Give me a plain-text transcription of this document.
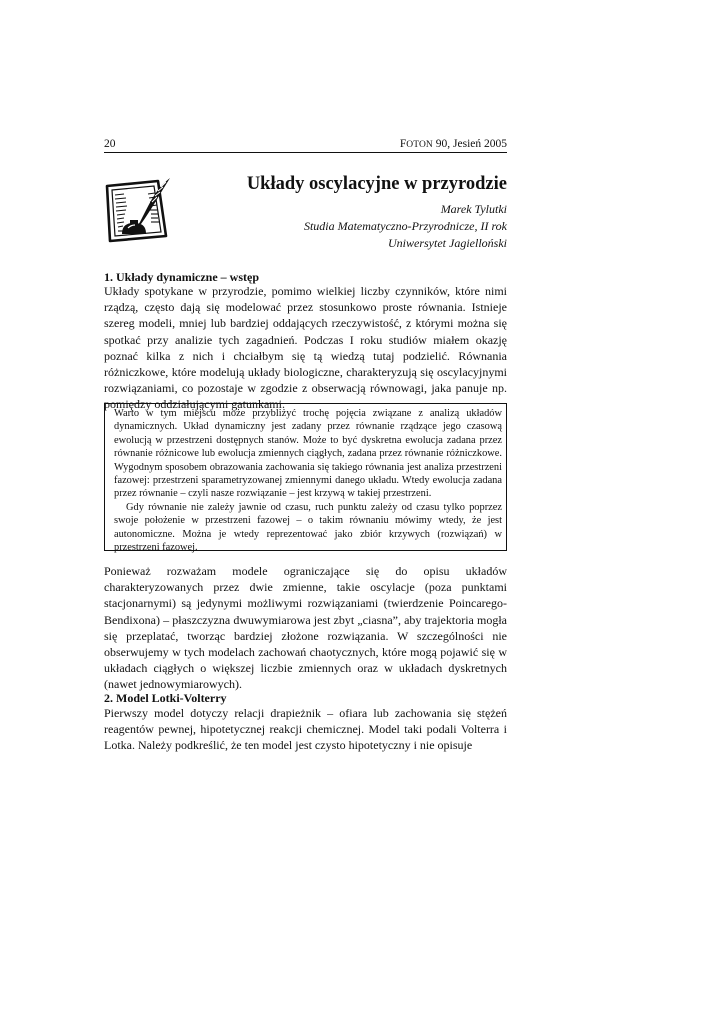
20	FOTON 90, Jesień 2005
Układy oscylacyjne w przyrodzie
Marek Tylutki
Studia Matematyczno-Przyrodnicze, II rok
Uniwersytet Jagielloński
1. Układy dynamiczne – wstęp

Układy spotykane w przyrodzie, pomimo wielkiej liczby czynników, które nimi rządzą, często dają się modelować przez stosunkowo proste równania. Istnieje szereg modeli, mniej lub bardziej oddających rzeczywistość, z którymi można się spotkać przy analizie tych zagadnień. Podczas I roku studiów miałem okazję poznać kilka z nich i chciałbym się tą wiedzą tutaj podzielić. Równania różniczkowe, które modelują układy biologiczne, charakteryzują się oscylacyjnymi rozwiązaniami, co pozostaje w zgodzie z obserwacją równowagi, jaka panuje np. pomiędzy oddziałującymi gatunkami.

Warto w tym miejscu może przybliżyć trochę pojęcia związane z analizą układów dynamicznych. Układ dynamiczny jest zadany przez równanie rządzące jego czasową ewolucją w przestrzeni dostępnych stanów. Może to być dyskretna ewolucja zadana przez równanie różnicowe lub ewolucja zmiennych ciągłych, zadana przez równanie różniczkowe. Wygodnym sposobem obrazowania zachowania się takiego równania jest analiza przestrzeni fazowej: przestrzeni sparametryzowanej zmiennymi danego układu. Wtedy ewolucja zadana przez równanie – czyli nasze rozwiązanie – jest krzywą w takiej przestrzeni.

Gdy równanie nie zależy jawnie od czasu, ruch punktu zależy od czasu tylko poprzez swoje położenie w przestrzeni fazowej – o takim równaniu mówimy wtedy, że jest autonomiczne. Można je wtedy reprezentować jako zbiór krzywych (rozwiązań) w przestrzeni fazowej.

Ponieważ rozważam modele ograniczające się do opisu układów charakteryzowanych przez dwie zmienne, takie oscylacje (poza punktami stacjonarnymi) są jedynymi możliwymi rozwiązaniami (twierdzenie Poincarego-Bendixona) – płaszczyzna dwuwymiarowa jest zbyt „ciasna”, aby trajektoria mogła się przeplatać, tworząc bardziej złożone rozwiązania. W szczególności nie obserwujemy w tych modelach zachowań chaotycznych, które mogą pojawić się w układach ciągłych o większej liczbie zmiennych oraz w układach dyskretnych (nawet jednowymiarowych).

2. Model Lotki-Volterry

Pierwszy model dotyczy relacji drapieżnik – ofiara lub zachowania się stężeń reagentów pewnej, hipotetycznej reakcji chemicznej. Model taki podali Volterra i Lotka. Należy podkreślić, że ten model jest czysto hipotetyczny i nie opisuje
